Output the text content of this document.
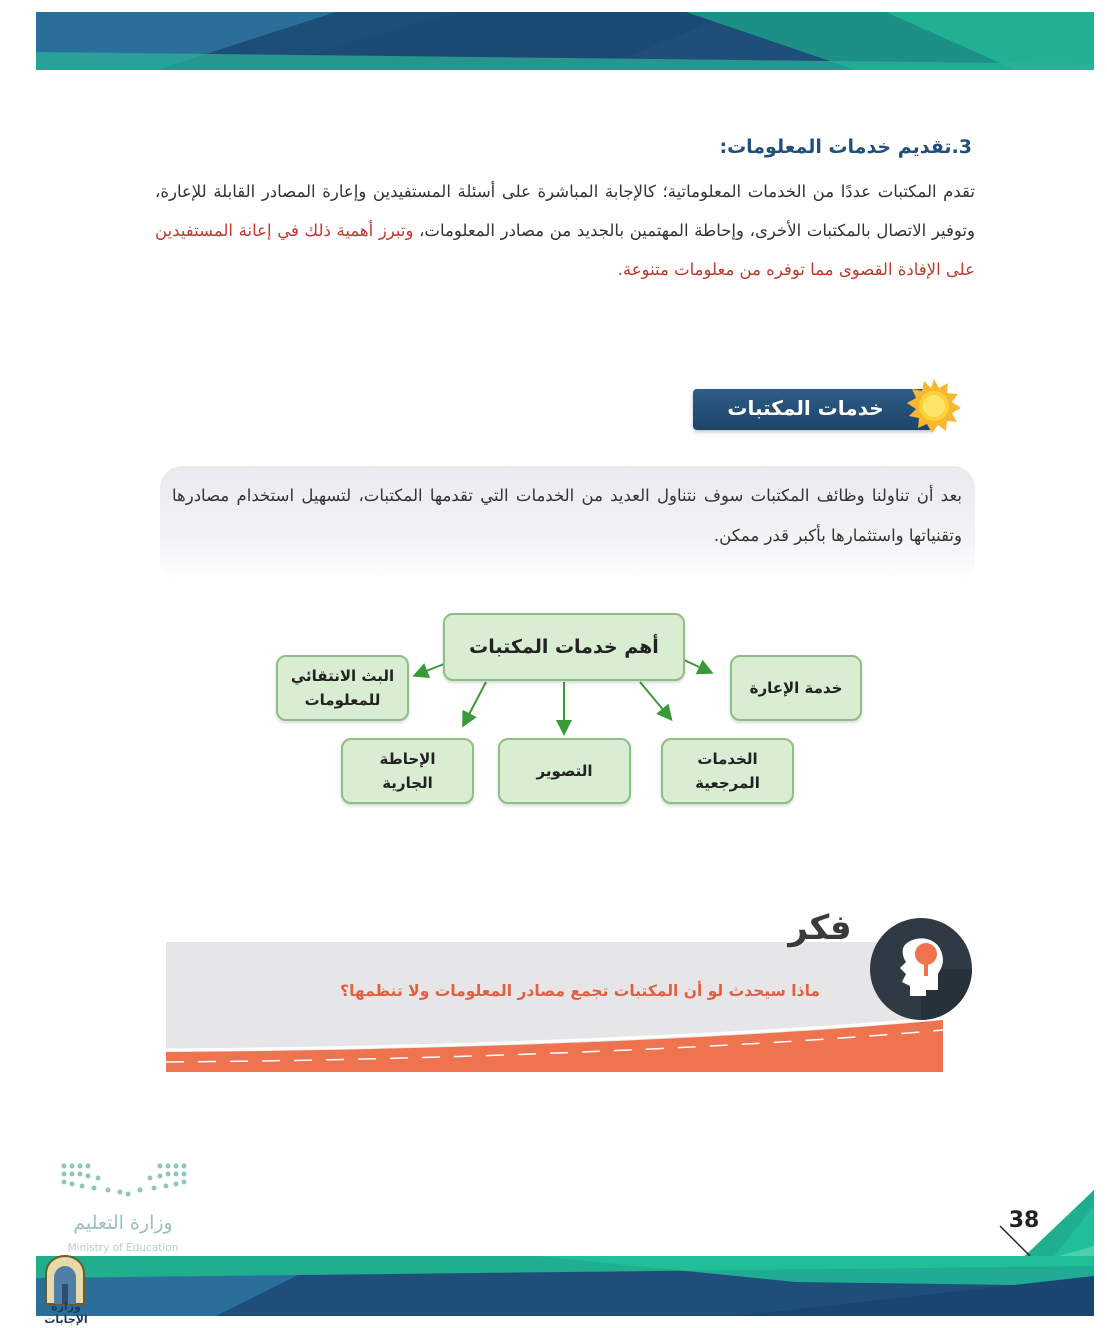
3.تقديم خدمات المعلومات:
تقدم المكتبات عددًا من الخدمات المعلوماتية؛ كالإجابة المباشرة على أسئلة المستفيدين وإعارة المصادر القابلة للإعارة، وتوفير الاتصال بالمكتبات الأخرى، وإحاطة المهتمين بالجديد من مصادر المعلومات، وتبرز أهمية ذلك في إعانة المستفيدين على الإفادة القصوى مما توفره من معلومات متنوعة.
خدمات المكتبات
بعد أن تناولنا وظائف المكتبات سوف نتناول العديد من الخدمات التي تقدمها المكتبات، لتسهيل استخدام مصادرها وتقنياتها واستثمارها بأكبر قدر ممكن.
أهم خدمات المكتبات
خدمة الإعارة
البث الانتقائي
للمعلومات
الخدمات
المرجعية
التصوير
الإحاطة
الجارية
فكر
ماذا سيحدث لو أن المكتبات تجمع مصادر المعلومات ولا تنظمها؟
38
وزارة التعليم
Ministry of Education
وزارة الإجابات
